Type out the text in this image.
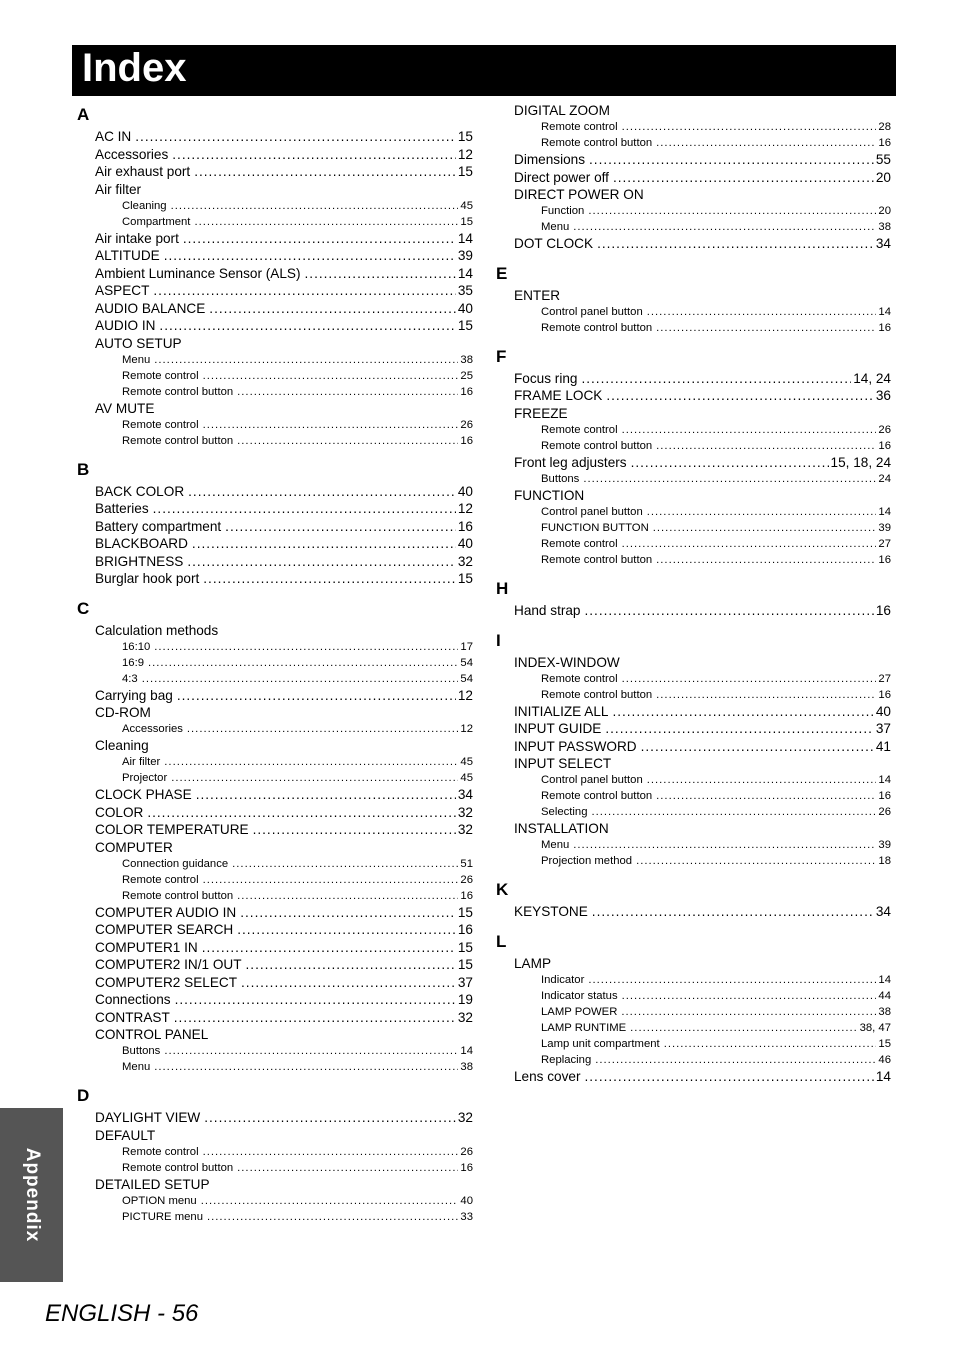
Index
A
AC IN .....	15
Accessories .....	12
Air exhaust port .....	15
Air filter
Cleaning .....	45
Compartment .....	15
Air intake port .....	14
ALTITUDE .....	39
Ambient Luminance Sensor (ALS) .....	14
ASPECT .....	35
AUDIO BALANCE .....	40
AUDIO IN .....	15
AUTO SETUP
Menu .....	38
Remote control .....	25
Remote control button .....	16
AV MUTE
Remote control .....	26
Remote control button .....	16
B
BACK COLOR .....	40
Batteries .....	12
Battery compartment .....	16
BLACKBOARD .....	40
BRIGHTNESS .....	32
Burglar hook port .....	15
C
Calculation methods
16:10 .....	17
16:9 .....	54
4:3 .....	54
Carrying bag .....	12
CD-ROM
Accessories .....	12
Cleaning
Air filter .....	45
Projector .....	45
CLOCK PHASE .....	34
COLOR .....	32
COLOR TEMPERATURE .....	32
COMPUTER
Connection guidance .....	51
Remote control .....	26
Remote control button .....	16
COMPUTER AUDIO IN .....	15
COMPUTER SEARCH .....	16
COMPUTER1 IN .....	15
COMPUTER2 IN/1 OUT .....	15
COMPUTER2 SELECT .....	37
Connections .....	19
CONTRAST .....	32
CONTROL PANEL
Buttons .....	14
Menu .....	38
D
DAYLIGHT VIEW .....	32
DEFAULT
Remote control .....	26
Remote control button .....	16
DETAILED SETUP
OPTION menu .....	40
PICTURE menu .....	33
DIGITAL ZOOM
Remote control .....	28
Remote control button .....	16
Dimensions .....	55
Direct power off .....	20
DIRECT POWER ON
Function .....	20
Menu .....	38
DOT CLOCK .....	34
E
ENTER
Control panel button .....	14
Remote control button .....	16
F
Focus ring .....	14, 24
FRAME LOCK .....	36
FREEZE
Remote control .....	26
Remote control button .....	16
Front leg adjusters .....	15, 18, 24
Buttons .....	24
FUNCTION
Control panel button .....	14
FUNCTION BUTTON .....	39
Remote control .....	27
Remote control button .....	16
H
Hand strap .....	16
I
INDEX-WINDOW
Remote control .....	27
Remote control button .....	16
INITIALIZE ALL .....	40
INPUT GUIDE .....	37
INPUT PASSWORD .....	41
INPUT SELECT
Control panel button .....	14
Remote control button .....	16
Selecting .....	26
INSTALLATION
Menu .....	39
Projection method .....	18
K
KEYSTONE .....	34
L
LAMP
Indicator .....	14
Indicator status .....	44
LAMP POWER .....	38
LAMP RUNTIME .....	38, 47
Lamp unit compartment .....	15
Replacing .....	46
Lens cover .....	14
Appendix
ENGLISH - 56
